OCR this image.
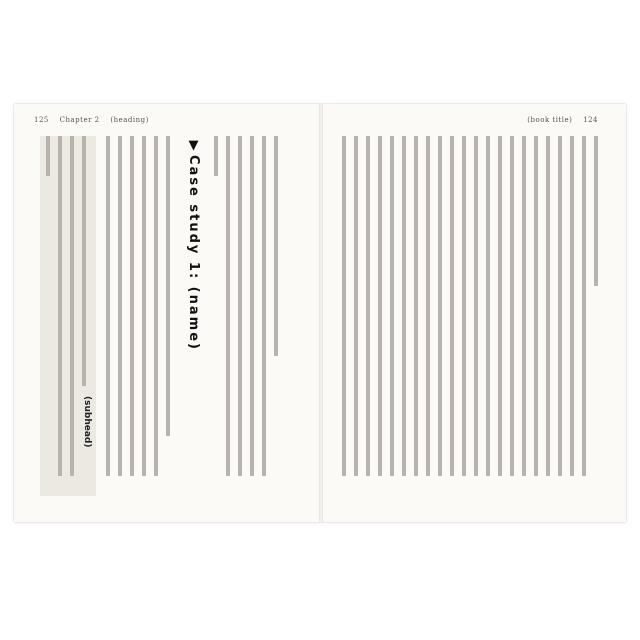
125 Chapter 2 (heading)	(book title) 124
(subhead)
▼Case study 1: (name)
